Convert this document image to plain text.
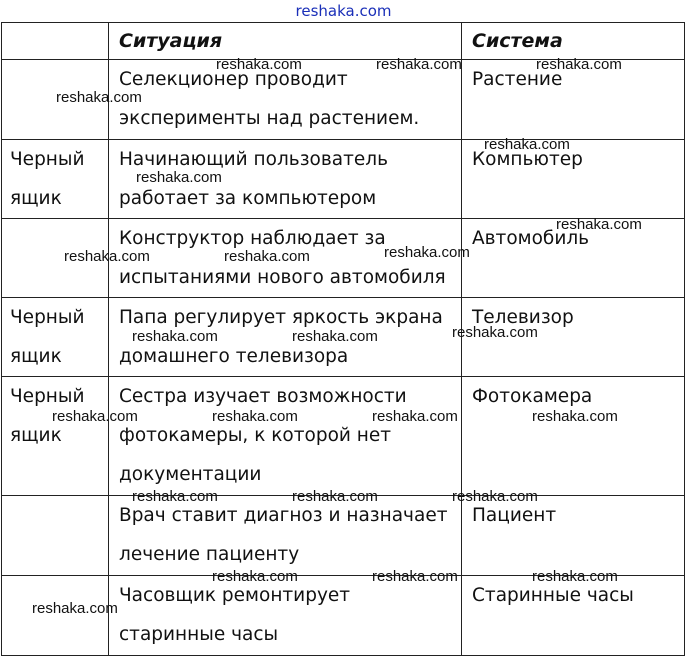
reshaka.com
	Ситуация	Система
	Селекционер проводит эксперименты над растением.	Растение
Черный ящик	Начинающий пользователь работает за компьютером	Компьютер
	Конструктор наблюдает за испытаниями нового автомобиля	Автомобиль
Черный ящик	Папа регулирует яркость экрана домашнего телевизора	Телевизор
Черный ящик	Сестра изучает возможности фотокамеры, к которой нет документации	Фотокамера
	Врач ставит диагноз и назначает лечение пациенту	Пациент
	Часовщик ремонтирует старинные часы	Старинные часы
reshaka.com	reshaka.com	reshaka.com
reshaka.com
reshaka.com
reshaka.com
reshaka.com
reshaka.com
reshaka.com	reshaka.com
reshaka.com
reshaka.com	reshaka.com
reshaka.com	reshaka.com	reshaka.com	reshaka.com
reshaka.com	reshaka.com	reshaka.com
reshaka.com	reshaka.com	reshaka.com
reshaka.com
